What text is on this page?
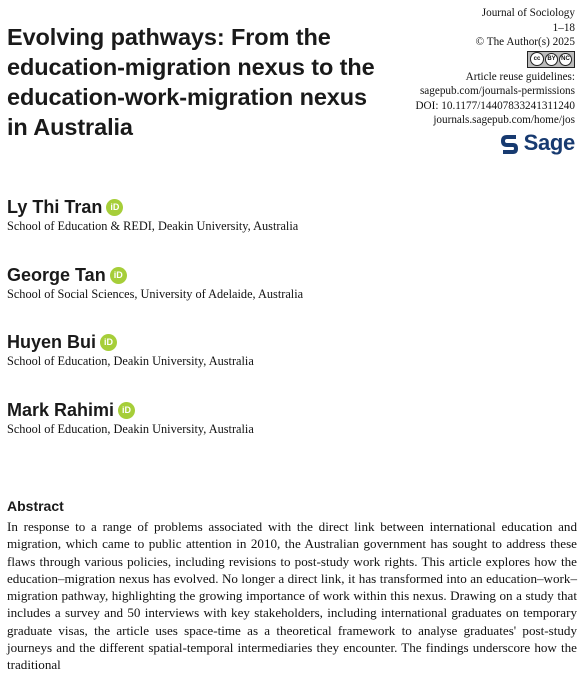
Evolving pathways: From the education-migration nexus to the education-work-migration nexus in Australia
Journal of Sociology
1–18
© The Author(s) 2025
cc	BY NC
Article reuse guidelines:
sagepub.com/journals-permissions
DOI: 10.1177/14407833241311240
journals.sagepub.com/home/jos
Sage
Ly Thi Tran iD
School of Education & REDI, Deakin University, Australia
George Tan iD
School of Social Sciences, University of Adelaide, Australia
Huyen Bui iD
School of Education, Deakin University, Australia
Mark Rahimi iD
School of Education, Deakin University, Australia
Abstract

In response to a range of problems associated with the direct link between international education and migration, which came to public attention in 2010, the Australian government has sought to address these flaws through various policies, including revisions to post-study work rights. This article explores how the education–migration nexus has evolved. No longer a direct link, it has transformed into an education–work–migration pathway, highlighting the growing importance of work within this nexus. Drawing on a study that includes a survey and 50 interviews with key stakeholders, including international graduates on temporary graduate visas, the article uses space-time as a theoretical framework to analyse graduates' post-study journeys and the different spatial-temporal intermediaries they encounter. The findings underscore how the traditional
